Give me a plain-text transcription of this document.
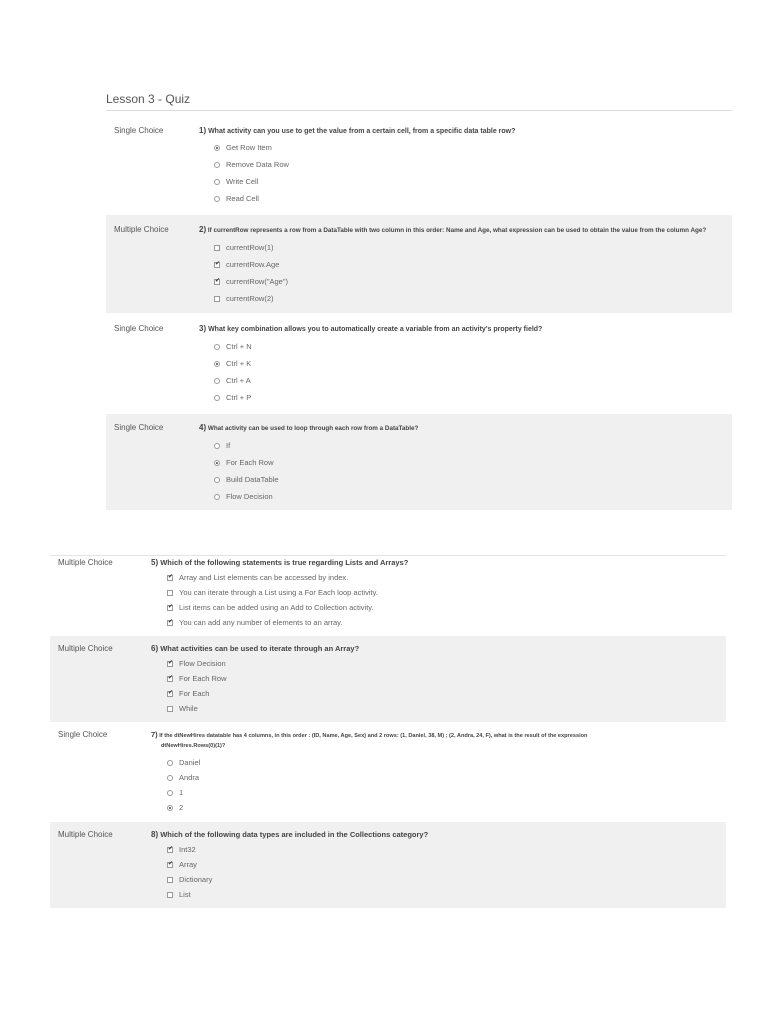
Lesson 3 - Quiz
Single Choice	1) What activity can you use to get the value from a certain cell, from a specific data table row?
Get Row Item
Remove Data Row
Write Cell
Read Cell
Multiple Choice	2) If currentRow represents a row from a DataTable with two column in this order: Name and Age, what expression can be used to obtain the value from the column Age?
currentRow(1)
✔
currentRow.Age
✔
currentRow("Age")
currentRow(2)
Single Choice	3) What key combination allows you to automatically create a variable from an activity's property field?
Ctrl + N
Ctrl + K
Ctrl + A
Ctrl + P
Single Choice	4) What activity can be used to loop through each row from a DataTable?
If
For Each Row
Build DataTable
Flow Decision
Multiple Choice	5) Which of the following statements is true regarding Lists and Arrays?
✔
Array and List elements can be accessed by index.
You can iterate through a List using a For Each loop activity.
✔
List items can be added using an Add to Collection activity.
✔
You can add any number of elements to an array.
Multiple Choice	6) What activities can be used to iterate through an Array?
✔
Flow Decision
✔
For Each Row
✔
For Each
While
Single Choice	7) If the dtNewHires datatable has 4 columns, in this order : (ID, Name, Age, Sex) and 2 rows: (1, Daniel, 38, M) ; (2, Andra, 24, F), what is the result of the expression
dtNewHires.Rows(0)(1)?
Daniel
Andra
1
2
Multiple Choice	8) Which of the following data types are included in the Collections category?
✔
Int32
✔
Array
Dictionary
List
